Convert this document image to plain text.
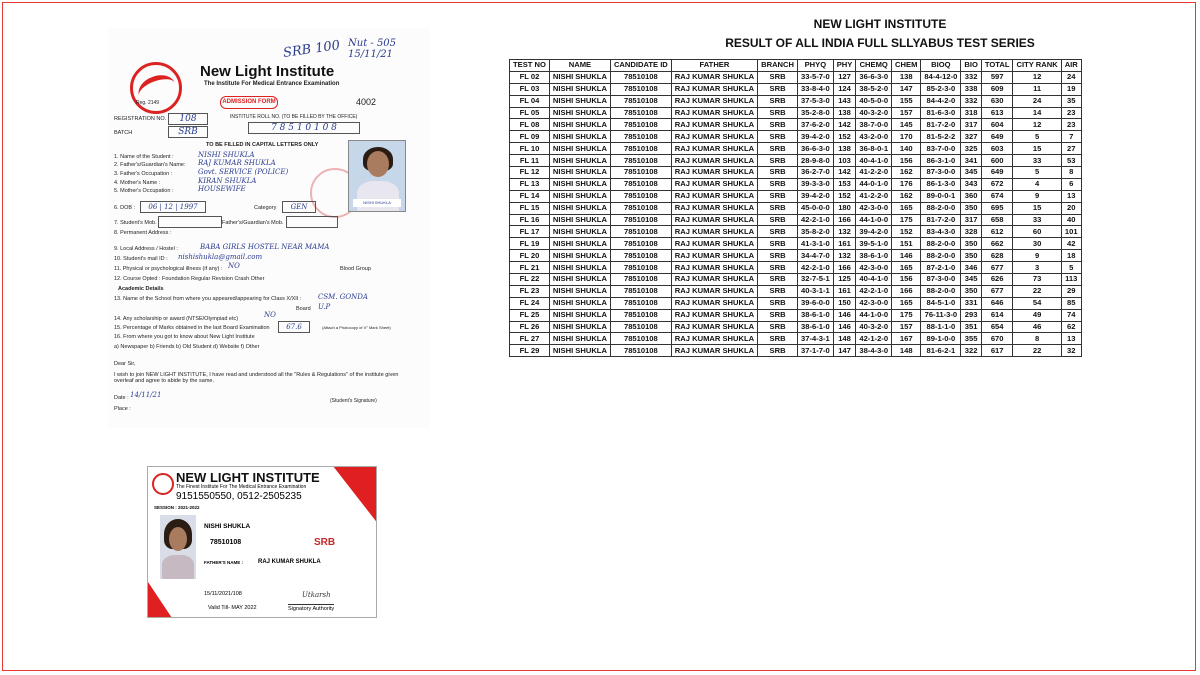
SRB 100 Nut - 505 15/11/21
New Light Institute
The Institute For Medical Entrance Examination
Reg. 2149	ADMISSION FORM	4002
REGISTRATION NO.	108
BATCH	SRB
INSTITUTE ROLL NO. (TO BE FILLED BY THE OFFICE)
7 8 5 1 0 1 0 8
TO BE FILLED IN CAPITAL LETTERS ONLY
1. Name of the Student :	NISHI SHUKLA
2. Father's/Guardian's Name: RAJ KUMAR SHUKLA
3. Father's Occupation :	Govt. SERVICE (POLICE)
4. Mother's Name :	KIRAN SHUKLA
5. Mother's Occupation :	HOUSEWIFE
NISHI SHUKLA
6. DOB :	06 | 12 | 1997	Category	GEN
7. Student's Mob.	Father's/Guardian's Mob.
8. Permanent Address :
9. Local Address / Hostel :	BABA GIRLS HOSTEL NEAR MAMA
10. Student's mail ID : nishishukla@gmail.com
11. Physical or psychological illness (if any) : NO	Blood Group
12. Course Opted : Foundation Regular Revision Crash Other
Academic Details
13. Name of the School from where you appeared/appearing for Class X/XII : CSM. GONDA
Board U.P
14. Any scholarship or award (NTSE/Olympiad etc)	NO
15. Percentage of Marks obtained in the last Board Examination	67.6	(Attach a Photocopy of X° Mark Sheet)
16. From where you got to know about New Light Institute
a) Newspaper b) Friends b) Old Student d) Website f) Other
Dear Sir,
I wish to join NEW LIGHT INSTITUTE, I have read and understood all the "Rules & Regulations" of the institute given overleaf and agree to abide by the same.
Date : 14/11/21
Place :
(Student's Signature)
NEW LIGHT INSTITUTE
The Finest Institute For The Medical Entrance Examination
9151550550, 0512-2505235
SESSION : 2021-2022
NISHI SHUKLA
78510108	SRB
FATHER'S NAME :	RAJ KUMAR SHUKLA
15/11/2021/108
Valid Till- MAY 2022
Utkarsh
Signatory Authority
NEW LIGHT INSTITUTE
RESULT OF ALL INDIA FULL SLLYABUS TEST SERIES
TEST NO	NAME	CANDIDATE ID	FATHER	BRANCH	PHYQ	PHY	CHEMQ	CHEM	BIOQ	BIO	TOTAL	CITY RANK	AIR
FL 02	NISHI SHUKLA	78510108	RAJ KUMAR SHUKLA	SRB	33-5-7-0	127	36-6-3-0	138	84-4-12-0	332	597	12	24
FL 03	NISHI SHUKLA	78510108	RAJ KUMAR SHUKLA	SRB	33-8-4-0	124	38-5-2-0	147	85-2-3-0	338	609	11	19
FL 04	NISHI SHUKLA	78510108	RAJ KUMAR SHUKLA	SRB	37-5-3-0	143	40-5-0-0	155	84-4-2-0	332	630	24	35
FL 05	NISHI SHUKLA	78510108	RAJ KUMAR SHUKLA	SRB	35-2-8-0	138	40-3-2-0	157	81-6-3-0	318	613	14	23
FL 08	NISHI SHUKLA	78510108	RAJ KUMAR SHUKLA	SRB	37-6-2-0	142	38-7-0-0	145	81-7-2-0	317	604	12	23
FL 09	NISHI SHUKLA	78510108	RAJ KUMAR SHUKLA	SRB	39-4-2-0	152	43-2-0-0	170	81-5-2-2	327	649	5	7
FL 10	NISHI SHUKLA	78510108	RAJ KUMAR SHUKLA	SRB	36-6-3-0	138	36-8-0-1	140	83-7-0-0	325	603	15	27
FL 11	NISHI SHUKLA	78510108	RAJ KUMAR SHUKLA	SRB	28-9-8-0	103	40-4-1-0	156	86-3-1-0	341	600	33	53
FL 12	NISHI SHUKLA	78510108	RAJ KUMAR SHUKLA	SRB	36-2-7-0	142	41-2-2-0	162	87-3-0-0	345	649	5	8
FL 13	NISHI SHUKLA	78510108	RAJ KUMAR SHUKLA	SRB	39-3-3-0	153	44-0-1-0	176	86-1-3-0	343	672	4	6
FL 14	NISHI SHUKLA	78510108	RAJ KUMAR SHUKLA	SRB	39-4-2-0	152	41-2-2-0	162	89-0-0-1	360	674	9	13
FL 15	NISHI SHUKLA	78510108	RAJ KUMAR SHUKLA	SRB	45-0-0-0	180	42-3-0-0	165	88-2-0-0	350	695	15	20
FL 16	NISHI SHUKLA	78510108	RAJ KUMAR SHUKLA	SRB	42-2-1-0	166	44-1-0-0	175	81-7-2-0	317	658	33	40
FL 17	NISHI SHUKLA	78510108	RAJ KUMAR SHUKLA	SRB	35-8-2-0	132	39-4-2-0	152	83-4-3-0	328	612	60	101
FL 19	NISHI SHUKLA	78510108	RAJ KUMAR SHUKLA	SRB	41-3-1-0	161	39-5-1-0	151	88-2-0-0	350	662	30	42
FL 20	NISHI SHUKLA	78510108	RAJ KUMAR SHUKLA	SRB	34-4-7-0	132	38-6-1-0	146	88-2-0-0	350	628	9	18
FL 21	NISHI SHUKLA	78510108	RAJ KUMAR SHUKLA	SRB	42-2-1-0	166	42-3-0-0	165	87-2-1-0	346	677	3	5
FL 22	NISHI SHUKLA	78510108	RAJ KUMAR SHUKLA	SRB	32-7-5-1	125	40-4-1-0	156	87-3-0-0	345	626	73	113
FL 23	NISHI SHUKLA	78510108	RAJ KUMAR SHUKLA	SRB	40-3-1-1	161	42-2-1-0	166	88-2-0-0	350	677	22	29
FL 24	NISHI SHUKLA	78510108	RAJ KUMAR SHUKLA	SRB	39-6-0-0	150	42-3-0-0	165	84-5-1-0	331	646	54	85
FL 25	NISHI SHUKLA	78510108	RAJ KUMAR SHUKLA	SRB	38-6-1-0	146	44-1-0-0	175	76-11-3-0	293	614	49	74
FL 26	NISHI SHUKLA	78510108	RAJ KUMAR SHUKLA	SRB	38-6-1-0	146	40-3-2-0	157	88-1-1-0	351	654	46	62
FL 27	NISHI SHUKLA	78510108	RAJ KUMAR SHUKLA	SRB	37-4-3-1	148	42-1-2-0	167	89-1-0-0	355	670	8	13
FL 29	NISHI SHUKLA	78510108	RAJ KUMAR SHUKLA	SRB	37-1-7-0	147	38-4-3-0	148	81-6-2-1	322	617	22	32
